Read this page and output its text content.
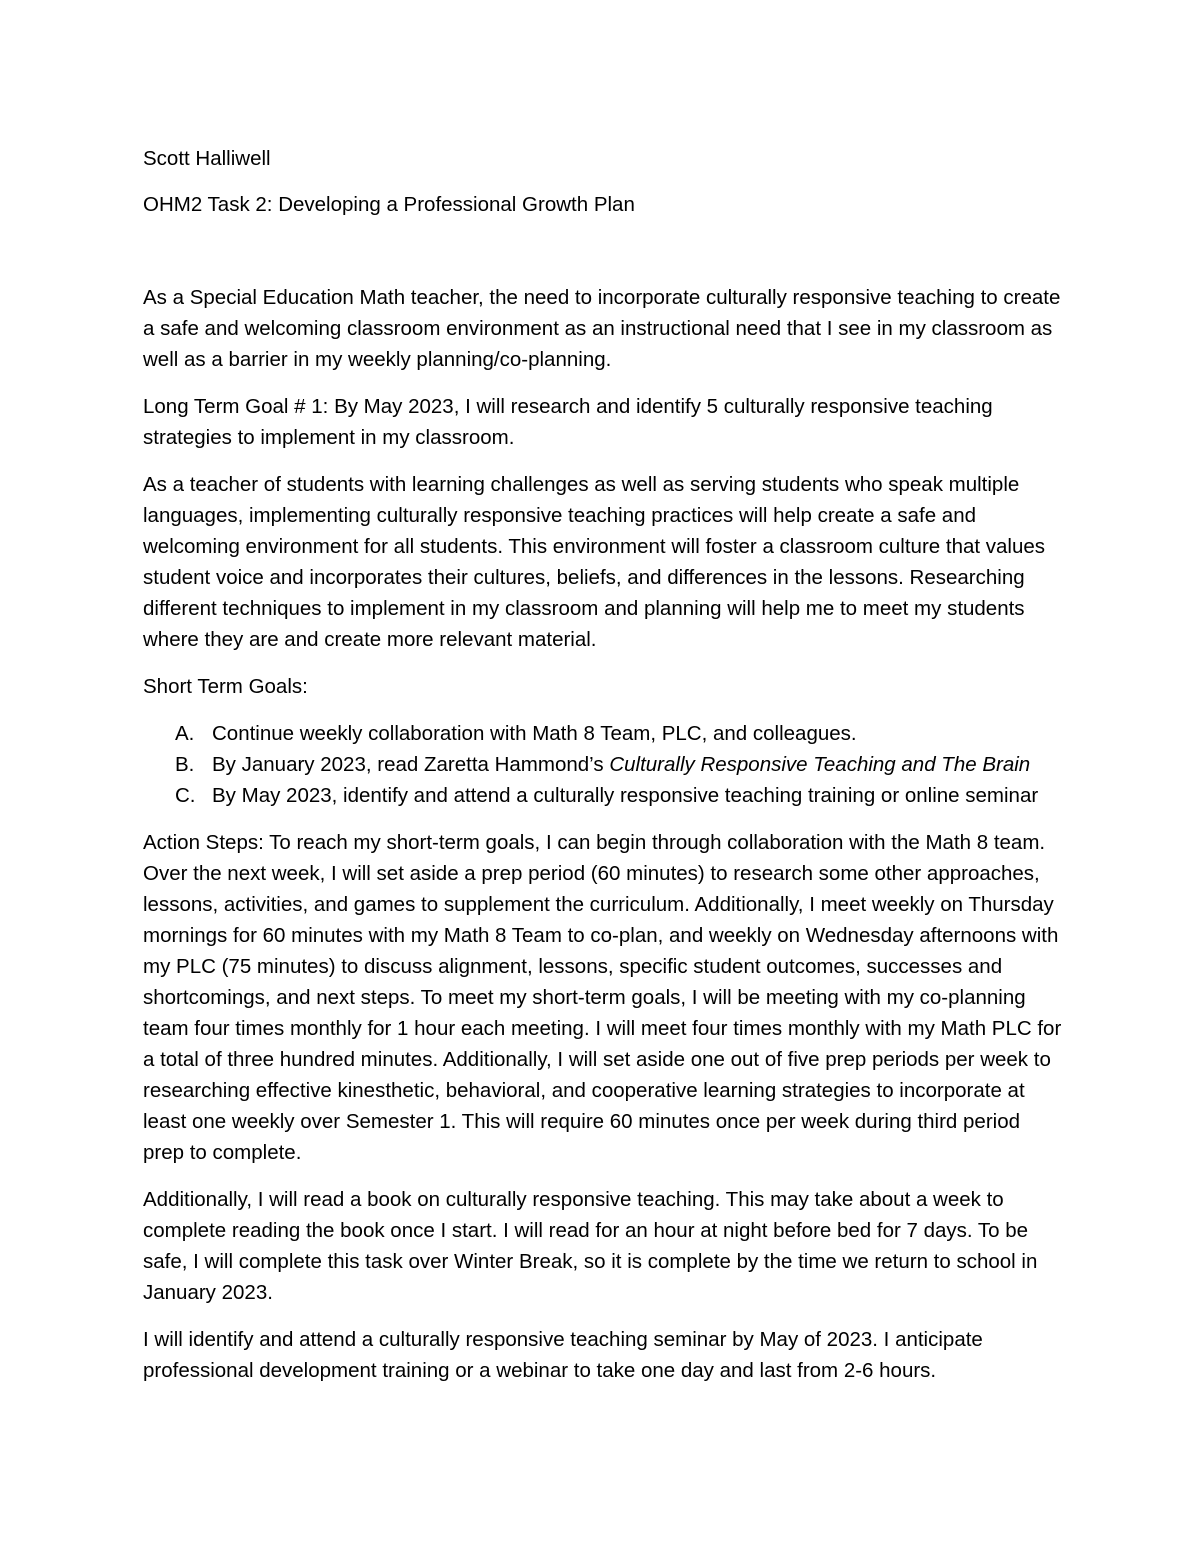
Scott Halliwell

OHM2 Task 2: Developing a Professional Growth Plan

As a Special Education Math teacher, the need to incorporate culturally responsive teaching to create a safe and welcoming classroom environment as an instructional need that I see in my classroom as well as a barrier in my weekly planning/co-planning.

Long Term Goal # 1: By May 2023, I will research and identify 5 culturally responsive teaching strategies to implement in my classroom.

As a teacher of students with learning challenges as well as serving students who speak multiple languages, implementing culturally responsive teaching practices will help create a safe and welcoming environment for all students. This environment will foster a classroom culture that values student voice and incorporates their cultures, beliefs, and differences in the lessons. Researching different techniques to implement in my classroom and planning will help me to meet my students where they are and create more relevant material.

Short Term Goals:

A. Continue weekly collaboration with Math 8 Team, PLC, and colleagues.
B. By January 2023, read Zaretta Hammond’s Culturally Responsive Teaching and The Brain
C. By May 2023, identify and attend a culturally responsive teaching training or online seminar

Action Steps: To reach my short-term goals, I can begin through collaboration with the Math 8 team. Over the next week, I will set aside a prep period (60 minutes) to research some other approaches, lessons, activities, and games to supplement the curriculum. Additionally, I meet weekly on Thursday mornings for 60 minutes with my Math 8 Team to co-plan, and weekly on Wednesday afternoons with my PLC (75 minutes) to discuss alignment, lessons, specific student outcomes, successes and shortcomings, and next steps. To meet my short-term goals, I will be meeting with my co-planning team four times monthly for 1 hour each meeting. I will meet four times monthly with my Math PLC for a total of three hundred minutes. Additionally, I will set aside one out of five prep periods per week to researching effective kinesthetic, behavioral, and cooperative learning strategies to incorporate at least one weekly over Semester 1. This will require 60 minutes once per week during third period prep to complete.

Additionally, I will read a book on culturally responsive teaching. This may take about a week to complete reading the book once I start. I will read for an hour at night before bed for 7 days. To be safe, I will complete this task over Winter Break, so it is complete by the time we return to school in January 2023.

I will identify and attend a culturally responsive teaching seminar by May of 2023. I anticipate professional development training or a webinar to take one day and last from 2-6 hours.
